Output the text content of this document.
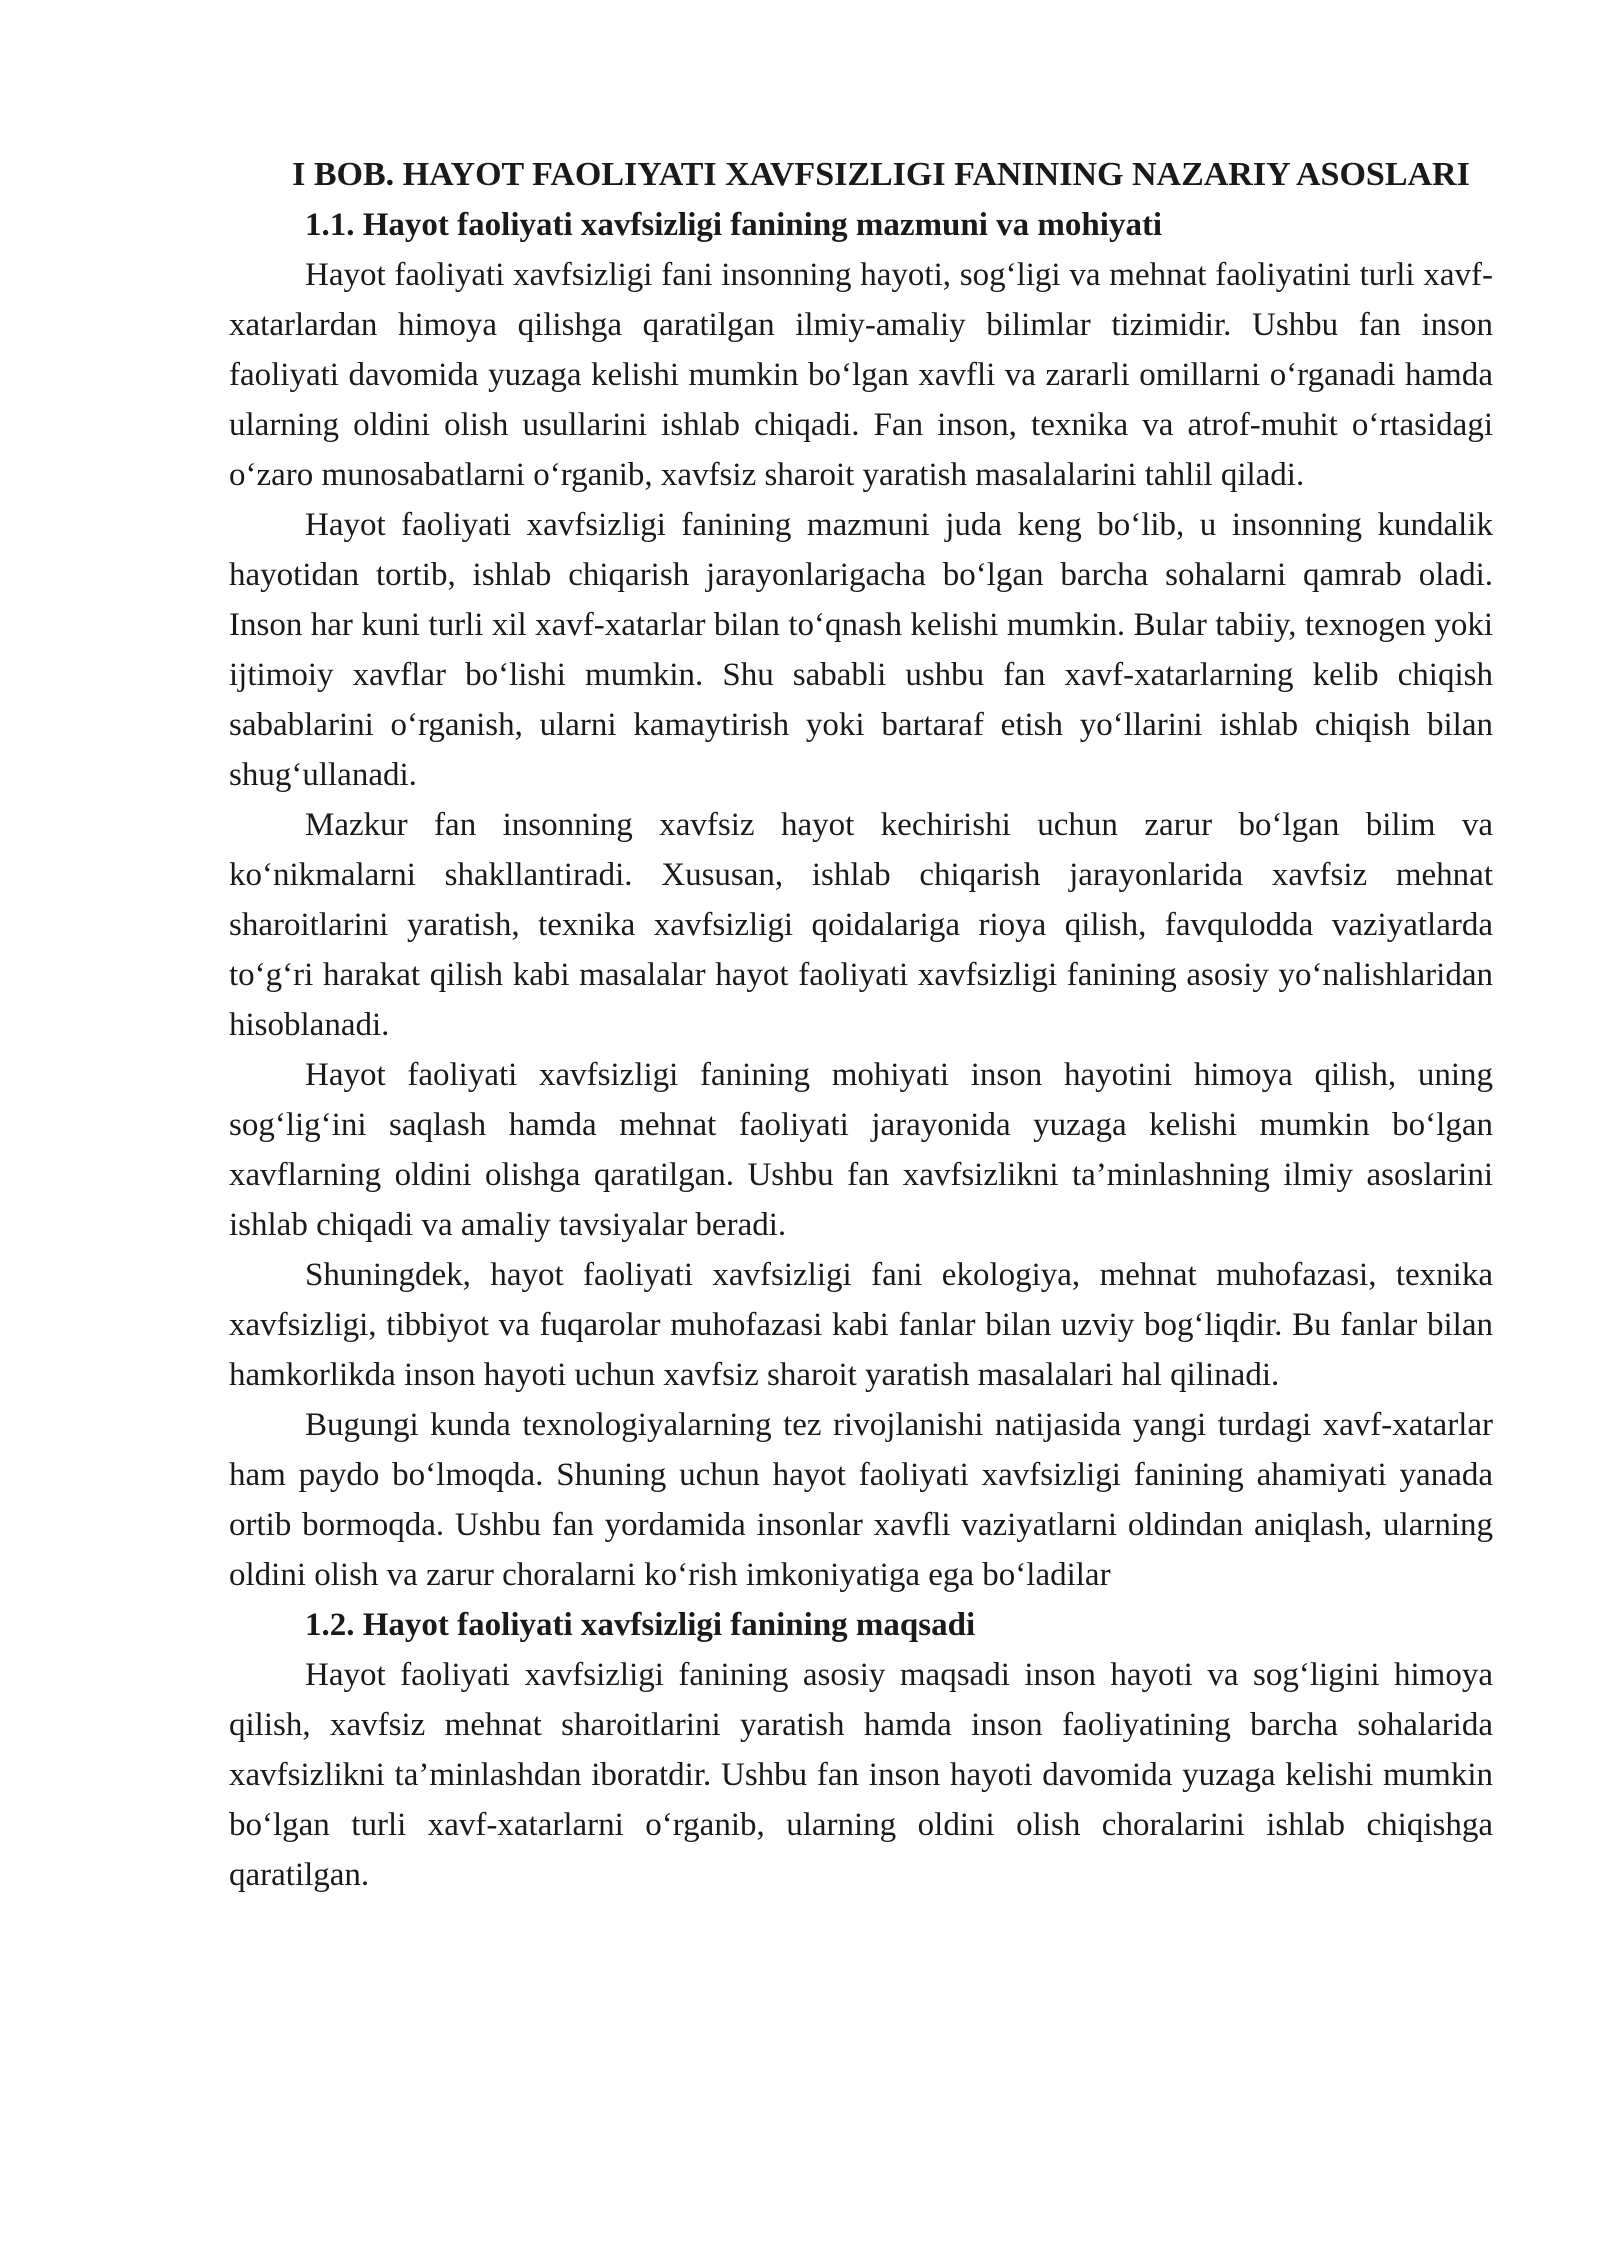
I BOB. HAYOT FAOLIYATI XAVFSIZLIGI FANINING NAZARIY ASOSLARI
1.1. Hayot faoliyati xavfsizligi fanining mazmuni va mohiyati

Hayot faoliyati xavfsizligi fani insonning hayoti, sog‘ligi va mehnat faoliyatini turli xavf-xatarlardan himoya qilishga qaratilgan ilmiy-amaliy bilimlar tizimidir. Ushbu fan inson faoliyati davomida yuzaga kelishi mumkin bo‘lgan xavfli va zararli omillarni o‘rganadi hamda ularning oldini olish usullarini ishlab chiqadi. Fan inson, texnika va atrof-muhit o‘rtasidagi o‘zaro munosabatlarni o‘rganib, xavfsiz sharoit yaratish masalalarini tahlil qiladi.

Hayot faoliyati xavfsizligi fanining mazmuni juda keng bo‘lib, u insonning kundalik hayotidan tortib, ishlab chiqarish jarayonlarigacha bo‘lgan barcha sohalarni qamrab oladi. Inson har kuni turli xil xavf-xatarlar bilan to‘qnash kelishi mumkin. Bular tabiiy, texnogen yoki ijtimoiy xavflar bo‘lishi mumkin. Shu sababli ushbu fan xavf-xatarlarning kelib chiqish sabablarini o‘rganish, ularni kamaytirish yoki bartaraf etish yo‘llarini ishlab chiqish bilan shug‘ullanadi.

Mazkur fan insonning xavfsiz hayot kechirishi uchun zarur bo‘lgan bilim va ko‘nikmalarni shakllantiradi. Xususan, ishlab chiqarish jarayonlarida xavfsiz mehnat sharoitlarini yaratish, texnika xavfsizligi qoidalariga rioya qilish, favqulodda vaziyatlarda to‘g‘ri harakat qilish kabi masalalar hayot faoliyati xavfsizligi fanining asosiy yo‘nalishlaridan hisoblanadi.

Hayot faoliyati xavfsizligi fanining mohiyati inson hayotini himoya qilish, uning sog‘lig‘ini saqlash hamda mehnat faoliyati jarayonida yuzaga kelishi mumkin bo‘lgan xavflarning oldini olishga qaratilgan. Ushbu fan xavfsizlikni ta’minlashning ilmiy asoslarini ishlab chiqadi va amaliy tavsiyalar beradi.

Shuningdek, hayot faoliyati xavfsizligi fani ekologiya, mehnat muhofazasi, texnika xavfsizligi, tibbiyot va fuqarolar muhofazasi kabi fanlar bilan uzviy bog‘liqdir. Bu fanlar bilan hamkorlikda inson hayoti uchun xavfsiz sharoit yaratish masalalari hal qilinadi.

Bugungi kunda texnologiyalarning tez rivojlanishi natijasida yangi turdagi xavf-xatarlar ham paydo bo‘lmoqda. Shuning uchun hayot faoliyati xavfsizligi fanining ahamiyati yanada ortib bormoqda. Ushbu fan yordamida insonlar xavfli vaziyatlarni oldindan aniqlash, ularning oldini olish va zarur choralarni ko‘rish imkoniyatiga ega bo‘ladilar

1.2. Hayot faoliyati xavfsizligi fanining maqsadi

Hayot faoliyati xavfsizligi fanining asosiy maqsadi inson hayoti va sog‘ligini himoya qilish, xavfsiz mehnat sharoitlarini yaratish hamda inson faoliyatining barcha sohalarida xavfsizlikni ta’minlashdan iboratdir. Ushbu fan inson hayoti davomida yuzaga kelishi mumkin bo‘lgan turli xavf-xatarlarni o‘rganib, ularning oldini olish choralarini ishlab chiqishga qaratilgan.
